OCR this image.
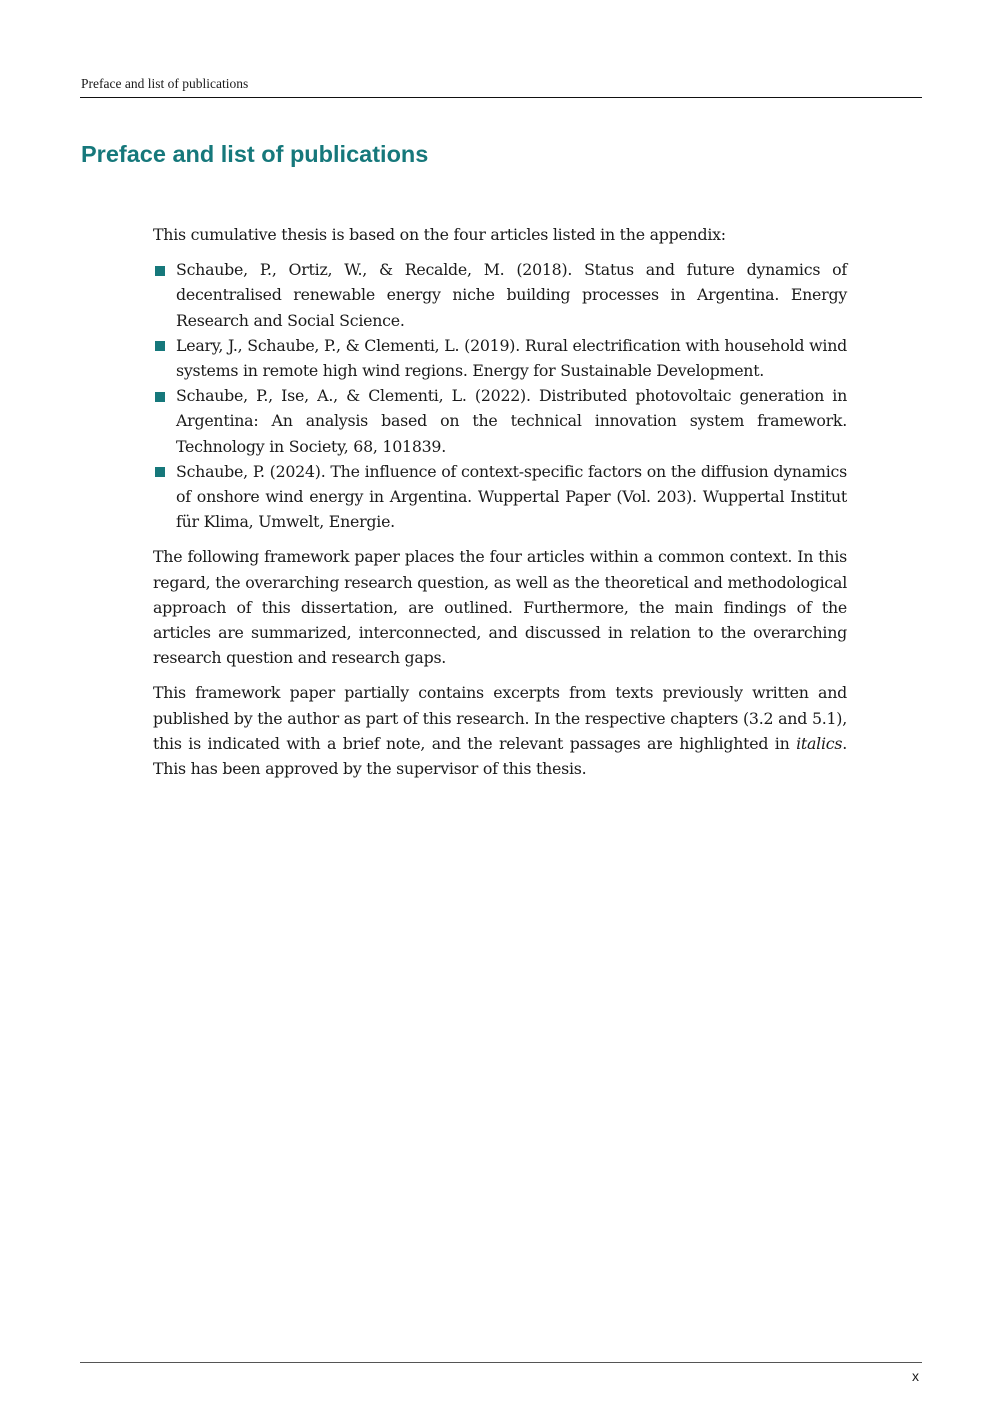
Preface and list of publications
Preface and list of publications

This cumulative thesis is based on the four articles listed in the appendix:

Schaube, P., Ortiz, W., & Recalde, M. (2018). Status and future dynamics of decentralised renewable energy niche building processes in Argentina. Energy Research and Social Science.
Leary, J., Schaube, P., & Clementi, L. (2019). Rural electrification with household wind systems in remote high wind regions. Energy for Sustainable Development.
Schaube, P., Ise, A., & Clementi, L. (2022). Distributed photovoltaic generation in Argentina: An analysis based on the technical innovation system framework. Technology in Society, 68, 101839.
Schaube, P. (2024). The influence of context-specific factors on the diffusion dynamics of onshore wind energy in Argentina. Wuppertal Paper (Vol. 203). Wuppertal Institut für Klima, Umwelt, Energie.

The following framework paper places the four articles within a common context. In this regard, the overarching research question, as well as the theoretical and methodological approach of this dissertation, are outlined. Furthermore, the main findings of the articles are summarized, interconnected, and discussed in relation to the overarching research question and research gaps.

This framework paper partially contains excerpts from texts previously written and published by the author as part of this research. In the respective chapters (3.2 and 5.1), this is indicated with a brief note, and the relevant passages are highlighted in italics. This has been approved by the supervisor of this thesis.

x
